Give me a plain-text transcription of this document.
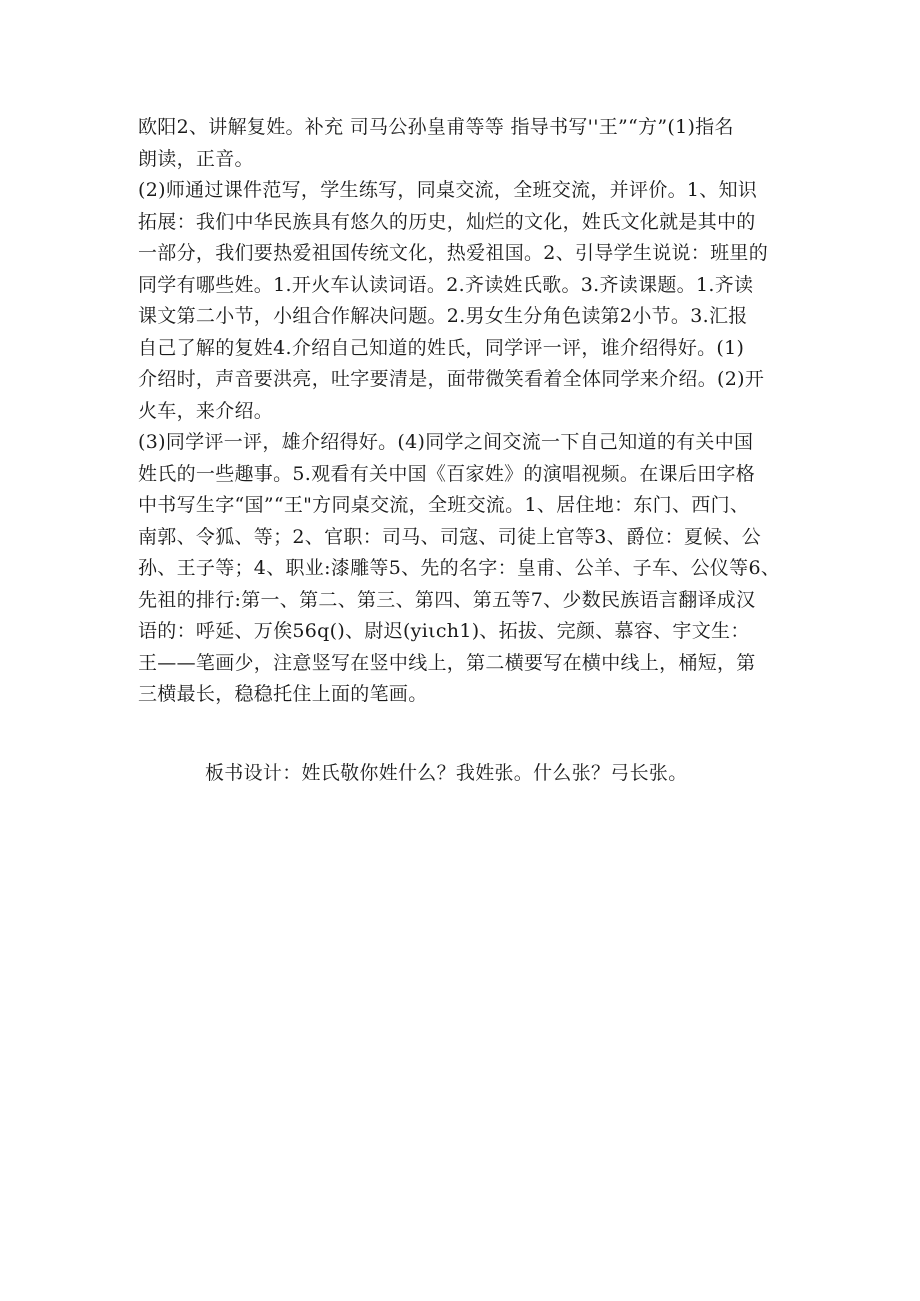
欧阳2、讲解复姓。补充 司马公孙皇甫等等 指导书写''王”“方”(1)指名
朗读，正音。

(2)师通过课件范写，学生练写，同桌交流，全班交流，并评价。1、知识
拓展：我们中华民族具有悠久的历史，灿烂的文化，姓氏文化就是其中的
一部分，我们要热爱祖国传统文化，热爱祖国。2、引导学生说说：班里的
同学有哪些姓。1.开火车认读词语。2.齐读姓氏歌。3.齐读课题。1.齐读
课文第二小节，小组合作解决问题。2.男女生分角色读第2小节。3.汇报
自己了解的复姓4.介绍自己知道的姓氏，同学评一评，谁介绍得好。(1)
介绍时，声音要洪亮，吐字要清是，面带微笑看着全体同学来介绍。(2)开
火车，来介绍。

(3)同学评一评，雄介绍得好。(4)同学之间交流一下自己知道的有关中国
姓氏的一些趣事。5.观看有关中国《百家姓》的演唱视频。在课后田字格
中书写生字“国”“王"方同桌交流，全班交流。1、居住地：东门、西门、
南郭、令狐、等；2、官职：司马、司寇、司徒上官等3、爵位：夏候、公
孙、王子等；4、职业:漆雕等5、先的名字：皇甫、公羊、子车、公仪等6、
先祖的排行:第一、第二、第三、第四、第五等7、少数民族语言翻译成汉
语的：呼延、万俟56q()、尉迟(yiιch1)、拓拔、完颜、慕容、宇文生：
王——笔画少，注意竖写在竖中线上，第二横要写在横中线上，桶短，第
三横最长，稳稳托住上面的笔画。

板书设计：姓氏敬你姓什么？我姓张。什么张？弓长张。
